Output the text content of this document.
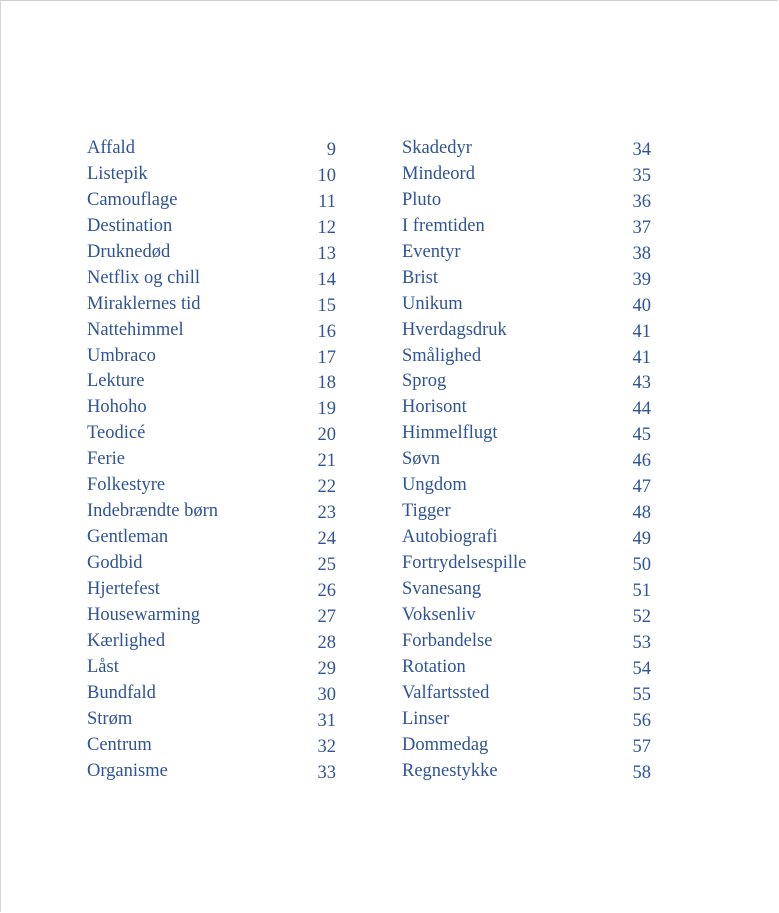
Affald	9
Listepik	10
Camouflage	11
Destination	12
Druknedød	13
Netflix og chill	14
Miraklernes tid	15
Nattehimmel	16
Umbraco	17
Lekture	18
Hohoho	19
Teodicé	20
Ferie	21
Folkestyre	22
Indebrændte børn	23
Gentleman	24
Godbid	25
Hjertefest	26
Housewarming	27
Kærlighed	28
Låst	29
Bundfald	30
Strøm	31
Centrum	32
Organisme	33
Skadedyr	34
Mindeord	35
Pluto	36
I fremtiden	37
Eventyr	38
Brist	39
Unikum	40
Hverdagsdruk	41
Smålighed	41
Sprog	43
Horisont	44
Himmelflugt	45
Søvn	46
Ungdom	47
Tigger	48
Autobiografi	49
Fortrydelsespille	50
Svanesang	51
Voksenliv	52
Forbandelse	53
Rotation	54
Valfartssted	55
Linser	56
Dommedag	57
Regnestykke	58
